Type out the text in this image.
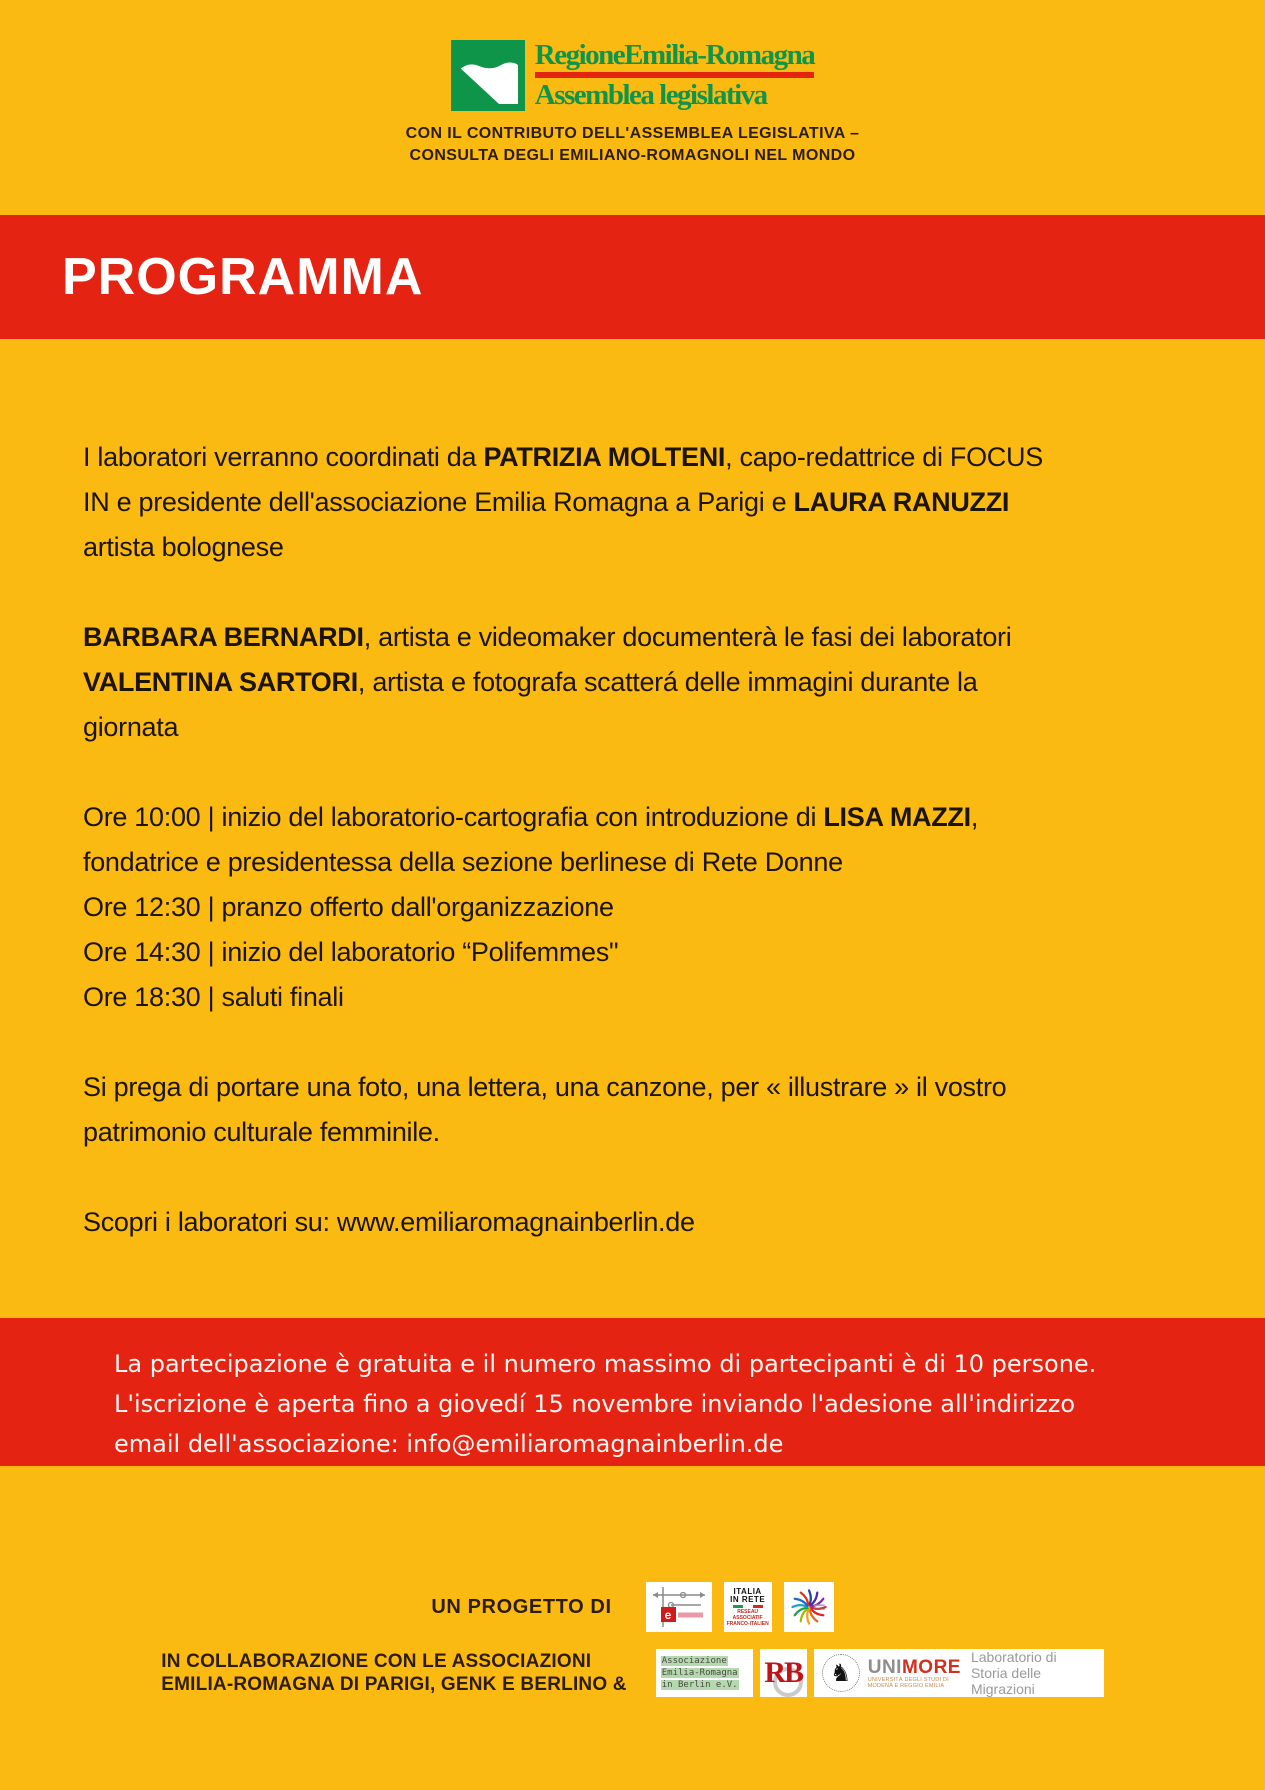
RegioneEmilia-Romagna
Assemblea legislativa
CON IL CONTRIBUTO DELL'ASSEMBLEA LEGISLATIVA –
CONSULTA DEGLI EMILIANO-ROMAGNOLI NEL MONDO
PROGRAMMA

I laboratori verranno coordinati da PATRIZIA MOLTENI, capo-redattrice di FOCUS
IN e presidente dell'associazione Emilia Romagna a Parigi e LAURA RANUZZI
artista bolognese

BARBARA BERNARDI, artista e videomaker documenterà le fasi dei laboratori
VALENTINA SARTORI, artista e fotografa scatterá delle immagini durante la
giornata

Ore 10:00 | inizio del laboratorio-cartografia con introduzione di LISA MAZZI,
fondatrice e presidentessa della sezione berlinese di Rete Donne

Ore 12:30 | pranzo offerto dall'organizzazione

Ore 14:30 | inizio del laboratorio “Polifemmes"

Ore 18:30 | saluti finali

Si prega di portare una foto, una lettera, una canzone, per « illustrare » il vostro
patrimonio culturale femminile.

Scopri i laboratori su: www.emiliaromagnainberlin.de

La partecipazione è gratuita e il numero massimo di partecipanti è di 10 persone.
L'iscrizione è aperta fino a giovedí 15 novembre inviando l'adesione all'indirizzo
email dell'associazione: info@emiliaromagnainberlin.de
UN PROGETTO DI	e
ITALIA
IN RETE
RESEAU
ASSOCIATIF
FRANCO-ITALIEN
IN COLLABORAZIONE CON LE ASSOCIAZIONI
EMILIA-ROMAGNA DI PARIGI, GENK E BERLINO &
Associazione
Emilia-Romagna
in Berlin e.V. RB ♞ UNIMORE
UNIVERSITÀ DEGLI STUDI DI
MODENA E REGGIO EMILIA
Laboratorio di
Storia delle Migrazioni
